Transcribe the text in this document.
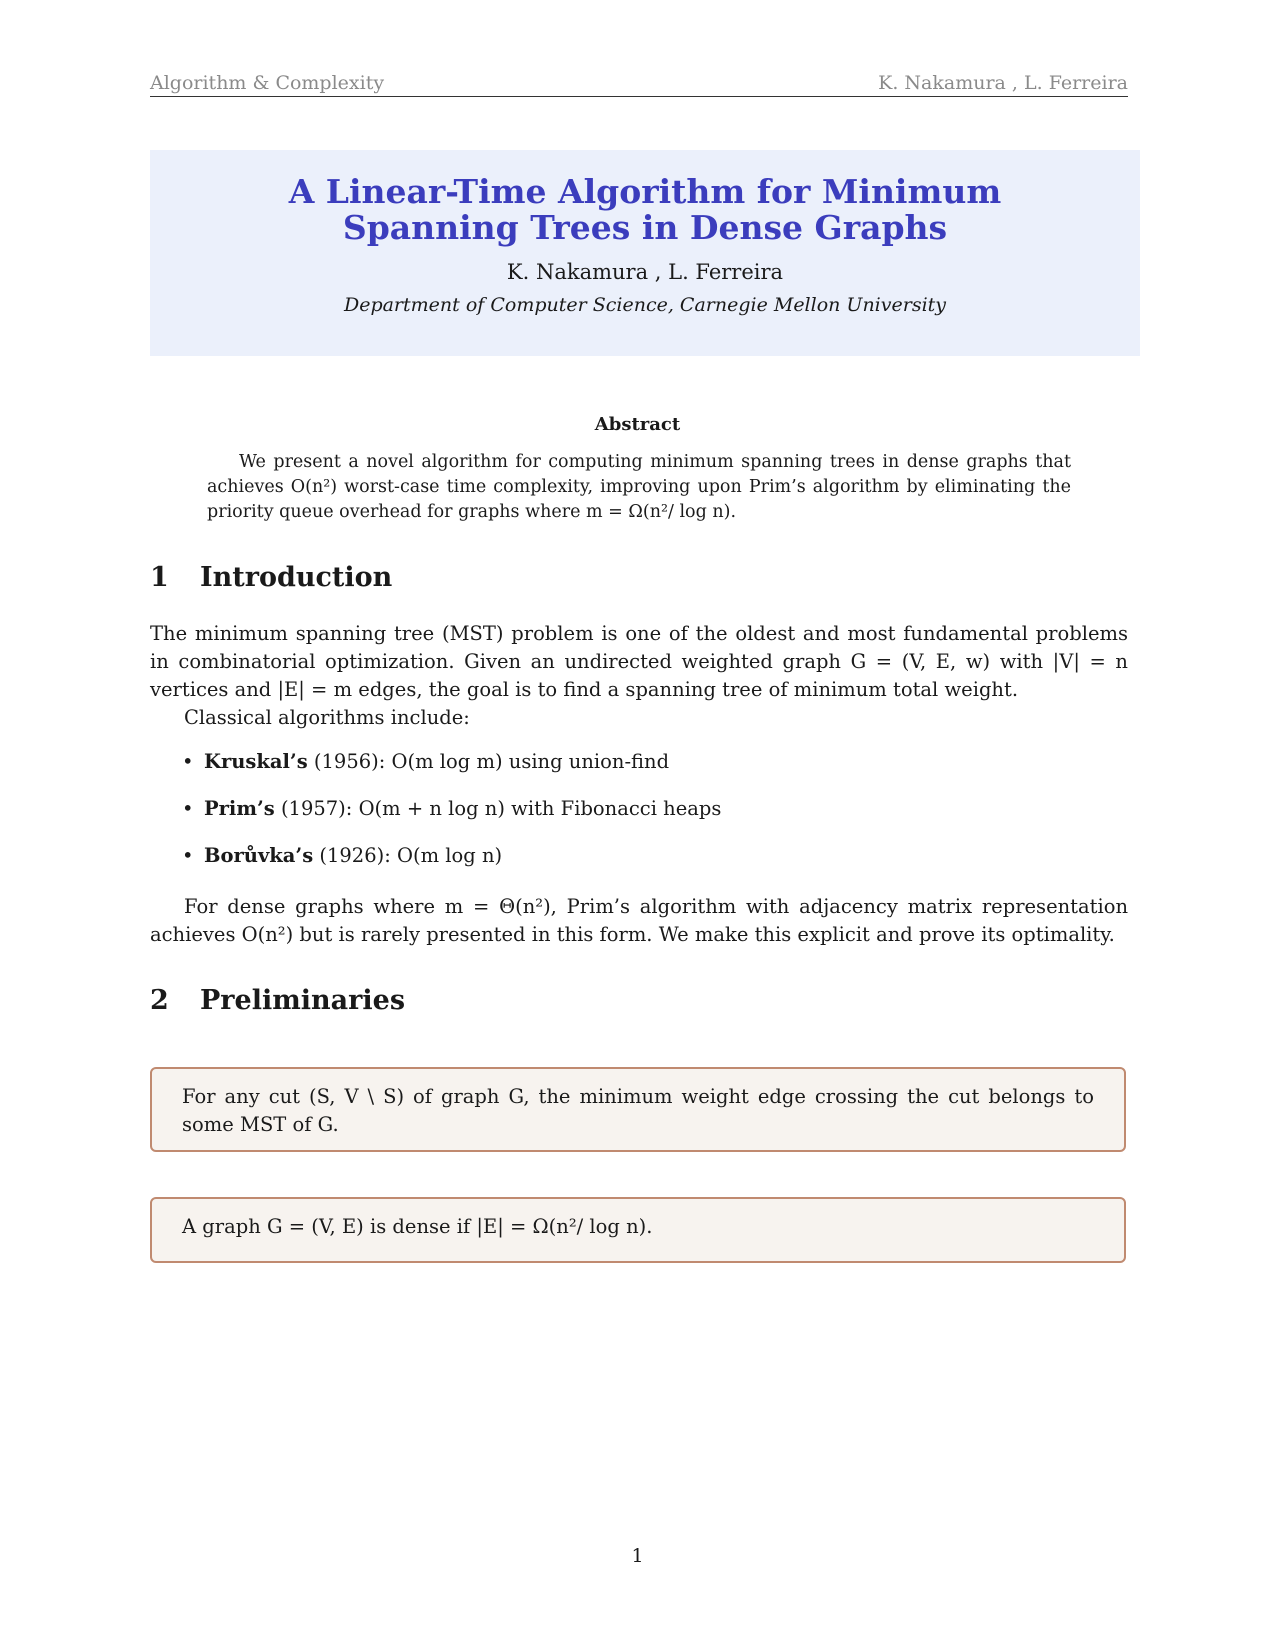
Algorithm & Complexity	K. Nakamura , L. Ferreira
A Linear-Time Algorithm for Minimum Spanning Trees in Dense Graphs
K. Nakamura , L. Ferreira
Department of Computer Science, Carnegie Mellon University
Abstract
We present a novel algorithm for computing minimum spanning trees in dense graphs that achieves O(n²) worst-case time complexity, improving upon Prim’s algorithm by eliminating the priority queue overhead for graphs where m = Ω(n²/ log n).
1 Introduction
The minimum spanning tree (MST) problem is one of the oldest and most fundamental problems in combinatorial optimization. Given an undirected weighted graph G = (V, E, w) with |V| = n vertices and |E| = m edges, the goal is to find a spanning tree of minimum total weight.
Classical algorithms include:
• Kruskal’s (1956): O(m log m) using union-find
• Prim’s (1957): O(m + n log n) with Fibonacci heaps
• Borůvka’s (1926): O(m log n)
For dense graphs where m = Θ(n²), Prim’s algorithm with adjacency matrix representation achieves O(n²) but is rarely presented in this form. We make this explicit and prove its optimality.
2 Preliminaries
For any cut (S, V \ S) of graph G, the minimum weight edge crossing the cut belongs to some MST of G.
A graph G = (V, E) is dense if |E| = Ω(n²/ log n).
1
